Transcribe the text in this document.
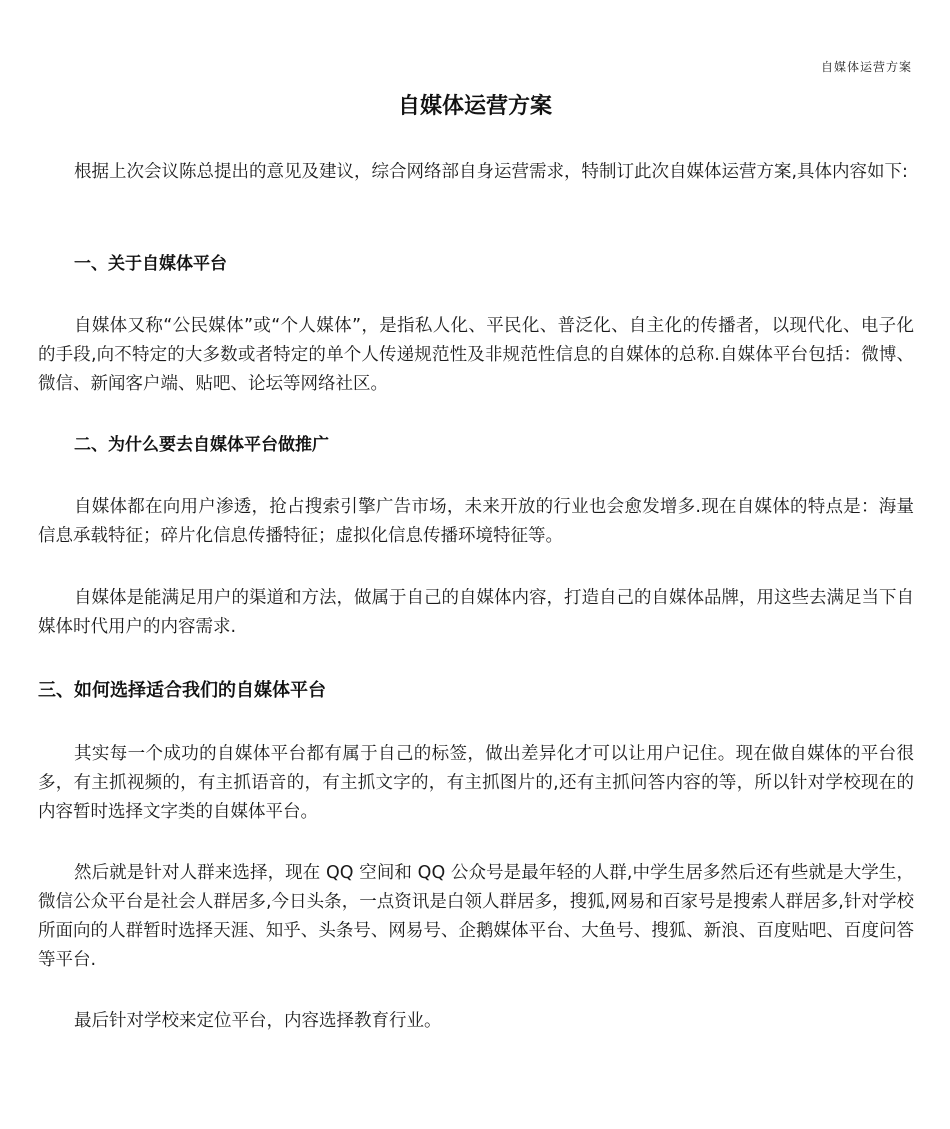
自媒体运营方案
自媒体运营方案
根据上次会议陈总提出的意见及建议，综合网络部自身运营需求，特制订此次自媒体运营方案,具体内容如下:
一、关于自媒体平台
自媒体又称“公民媒体”或“个人媒体”，是指私人化、平民化、普泛化、自主化的传播者，以现代化、电子化的手段,向不特定的大多数或者特定的单个人传递规范性及非规范性信息的自媒体的总称.自媒体平台包括：微博、微信、新闻客户端、贴吧、论坛等网络社区。
二、为什么要去自媒体平台做推广
自媒体都在向用户渗透，抢占搜索引擎广告市场，未来开放的行业也会愈发增多.现在自媒体的特点是：海量信息承载特征；碎片化信息传播特征；虚拟化信息传播环境特征等。
自媒体是能满足用户的渠道和方法，做属于自己的自媒体内容，打造自己的自媒体品牌，用这些去满足当下自媒体时代用户的内容需求.
三、如何选择适合我们的自媒体平台
其实每一个成功的自媒体平台都有属于自己的标签，做出差异化才可以让用户记住。现在做自媒体的平台很多，有主抓视频的，有主抓语音的，有主抓文字的，有主抓图片的,还有主抓问答内容的等，所以针对学校现在的内容暂时选择文字类的自媒体平台。
然后就是针对人群来选择，现在 QQ 空间和 QQ 公众号是最年轻的人群,中学生居多然后还有些就是大学生，微信公众平台是社会人群居多,今日头条，一点资讯是白领人群居多，搜狐,网易和百家号是搜索人群居多,针对学校所面向的人群暂时选择天涯、知乎、头条号、网易号、企鹅媒体平台、大鱼号、搜狐、新浪、百度贴吧、百度问答等平台.
最后针对学校来定位平台，内容选择教育行业。
